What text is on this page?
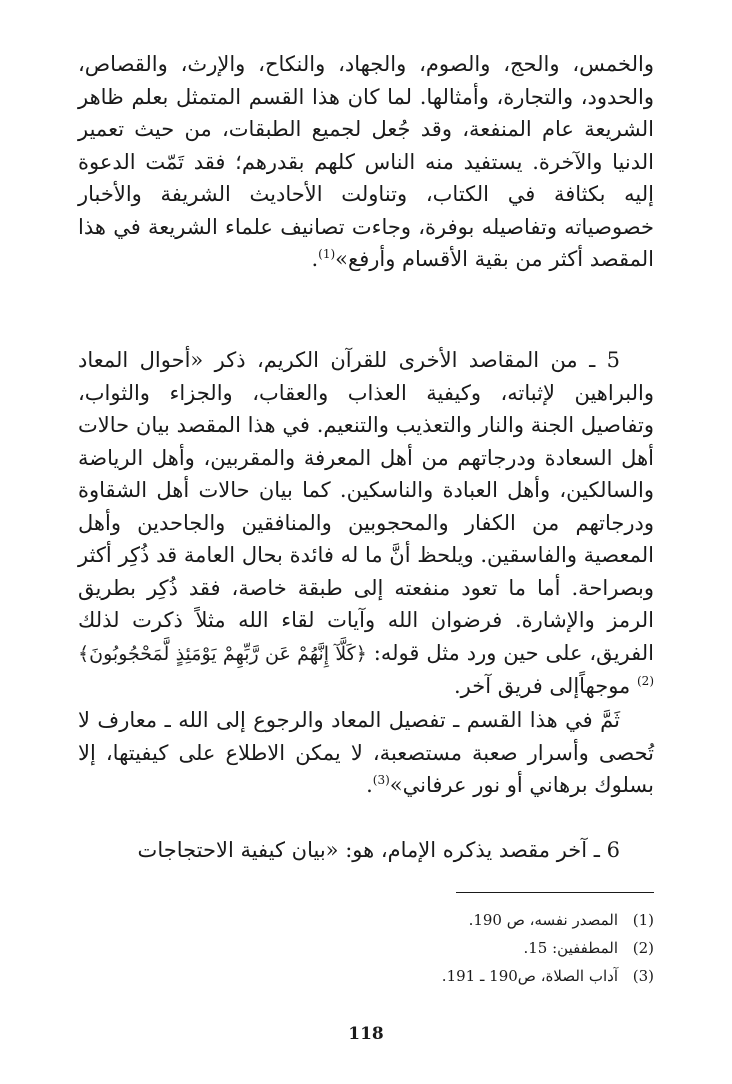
والخمس، والحج، والصوم، والجهاد، والنكاح، والإرث، والقصاص، والحدود، والتجارة، وأمثالها. لما كان هذا القسم المتمثل بعلم ظاهر الشريعة عام المنفعة، وقد جُعل لجميع الطبقات، من حيث تعمير الدنيا والآخرة. يستفيد منه الناس كلهم بقدرهم؛ فقد تَمّت الدعوة إليه بكثافة في الكتاب، وتناولت الأحاديث الشريفة والأخبار خصوصياته وتفاصيله بوفرة، وجاءت تصانيف علماء الشريعة في هذا المقصد أكثر من بقية الأقسام وأرفع»$^{(1)}$.

5 ـ من المقاصد الأخرى للقرآن الكريم، ذكر «أحوال المعاد والبراهين لإثباته، وكيفية العذاب والعقاب، والجزاء والثواب، وتفاصيل الجنة والنار والتعذيب والتنعيم. في هذا المقصد بيان حالات أهل السعادة ودرجاتهم من أهل المعرفة والمقربين، وأهل الرياضة والسالكين، وأهل العبادة والناسكين. كما بيان حالات أهل الشقاوة ودرجاتهم من الكفار والمحجوبين والمنافقين والجاحدين وأهل المعصية والفاسقين. ويلحظ أنَّ ما له فائدة بحال العامة قد ذُكِر أكثر وبصراحة. أما ما تعود منفعته إلى طبقة خاصة، فقد ذُكِر بطريق الرمز والإشارة. فرضوان الله وآيات لقاء الله مثلاً ذكرت لذلك الفريق، على حين ورد مثل قوله: ﴿كَلَّآ إِنَّهُمْ عَن رَّبِّهِمْ يَوْمَئِذٍ لَّمَحْجُوبُونَ﴾$^{(2)}$ موجهاًإلى فريق آخر.

ثَمَّ في هذا القسم ـ تفصيل المعاد والرجوع إلى الله ـ معارف لا تُحصى وأسرار صعبة مستصعبة، لا يمكن الاطلاع على كيفيتها، إلا بسلوك برهاني أو نور عرفاني»$^{(3)}$.

6 ـ آخر مقصد يذكره الإمام، هو: «بيان كيفية الاحتجاجات

(1)المصدر نفسه، ص 190.
(2)المطففين: 15.
(3)آداب الصلاة، ص190 ـ 191.
118
